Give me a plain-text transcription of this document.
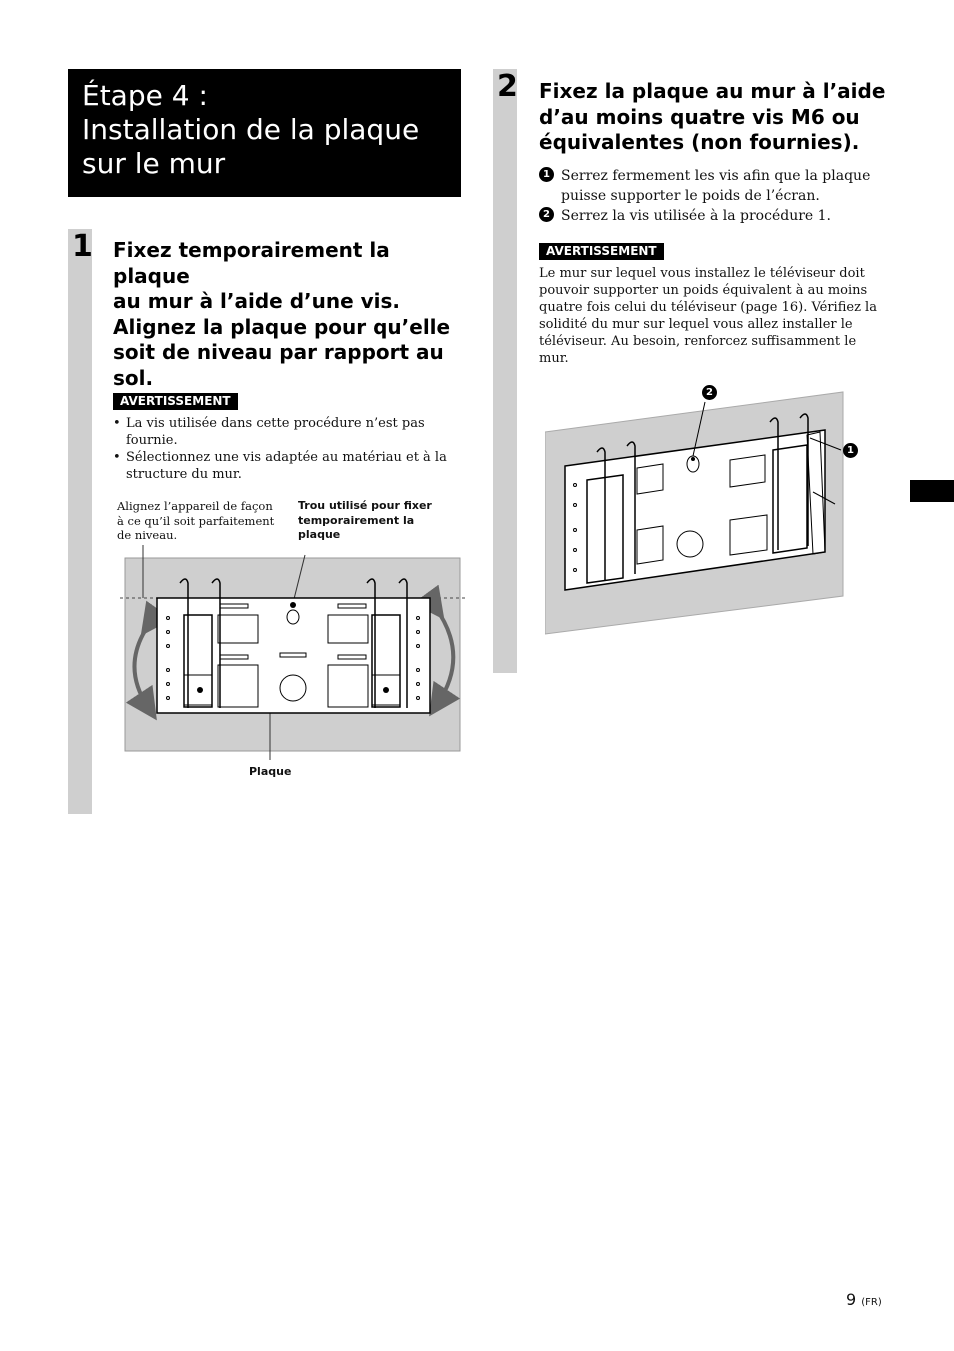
Étape 4 :
Installation de la plaque
sur le mur
1 Fixez temporairement la plaque
au mur à l’aide d’une vis.
Alignez la plaque pour qu’elle
soit de niveau par rapport au
sol.
AVERTISSEMENT
• La vis utilisée dans cette procédure n’est pas fournie.
• Sélectionnez une vis adaptée au matériau et à la structure du mur.
Alignez l’appareil de façon
à ce qu’il soit parfaitement
de niveau.
Trou utilisé pour fixer
temporairement la
plaque
Plaque
2 Fixez la plaque au mur à l’aide
d’au moins quatre vis M6 ou
équivalentes (non fournies).
1 Serrez fermement les vis afin que la plaque puisse supporter le poids de l’écran.
2 Serrez la vis utilisée à la procédure 1.
AVERTISSEMENT
Le mur sur lequel vous installez le téléviseur doit pouvoir supporter un poids équivalent à au moins quatre fois celui du téléviseur (page 16). Vérifiez la solidité du mur sur lequel vous allez installer le téléviseur. Au besoin, renforcez suffisamment le mur.
2
1
9 (FR)
